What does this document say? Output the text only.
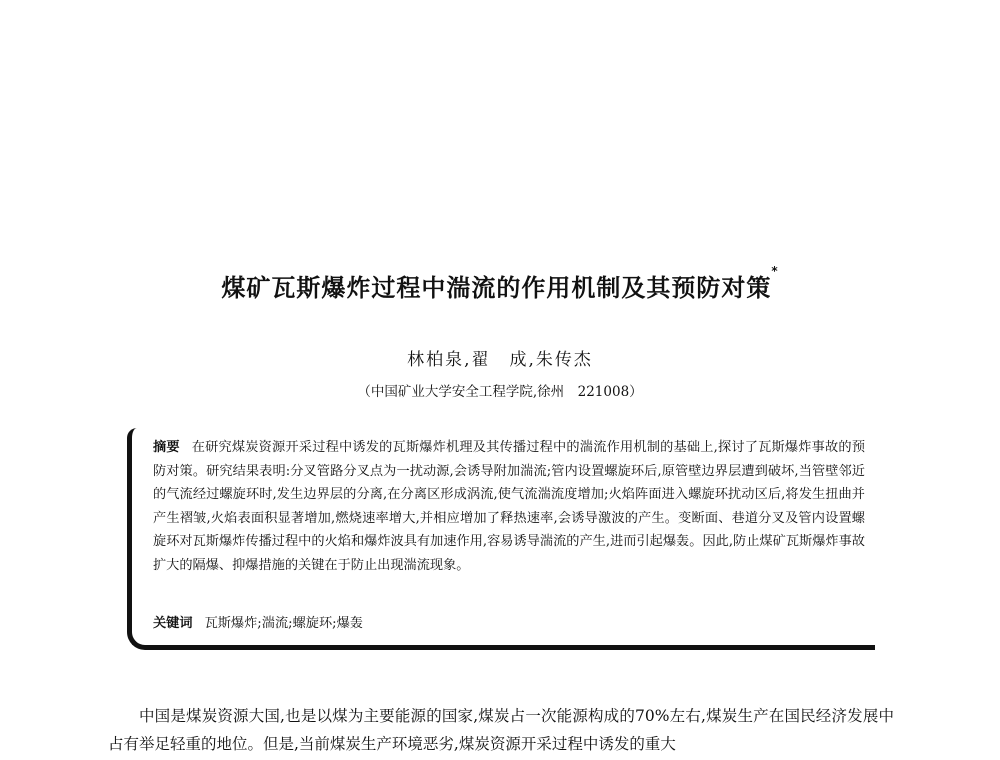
煤矿瓦斯爆炸过程中湍流的作用机制及其预防对策*
林柏泉,翟　成,朱传杰
（中国矿业大学安全工程学院,徐州　221008）
摘要 在研究煤炭资源开采过程中诱发的瓦斯爆炸机理及其传播过程中的湍流作用机制的基础上,探讨了瓦斯爆炸事故的预防对策。研究结果表明:分叉管路分叉点为一扰动源,会诱导附加湍流;管内设置螺旋环后,原管壁边界层遭到破坏,当管壁邻近的气流经过螺旋环时,发生边界层的分离,在分离区形成涡流,使气流湍流度增加;火焰阵面进入螺旋环扰动区后,将发生扭曲并产生褶皱,火焰表面积显著增加,燃烧速率增大,并相应增加了释热速率,会诱导激波的产生。变断面、巷道分叉及管内设置螺旋环对瓦斯爆炸传播过程中的火焰和爆炸波具有加速作用,容易诱导湍流的产生,进而引起爆轰。因此,防止煤矿瓦斯爆炸事故扩大的隔爆、抑爆措施的关键在于防止出现湍流现象。
关键词 瓦斯爆炸;湍流;螺旋环;爆轰
中国是煤炭资源大国,也是以煤为主要能源的国家,煤炭占一次能源构成的70%左右,煤炭生产在国民经济发展中占有举足轻重的地位。但是,当前煤炭生产环境恶劣,煤炭资源开采过程中诱发的重大
